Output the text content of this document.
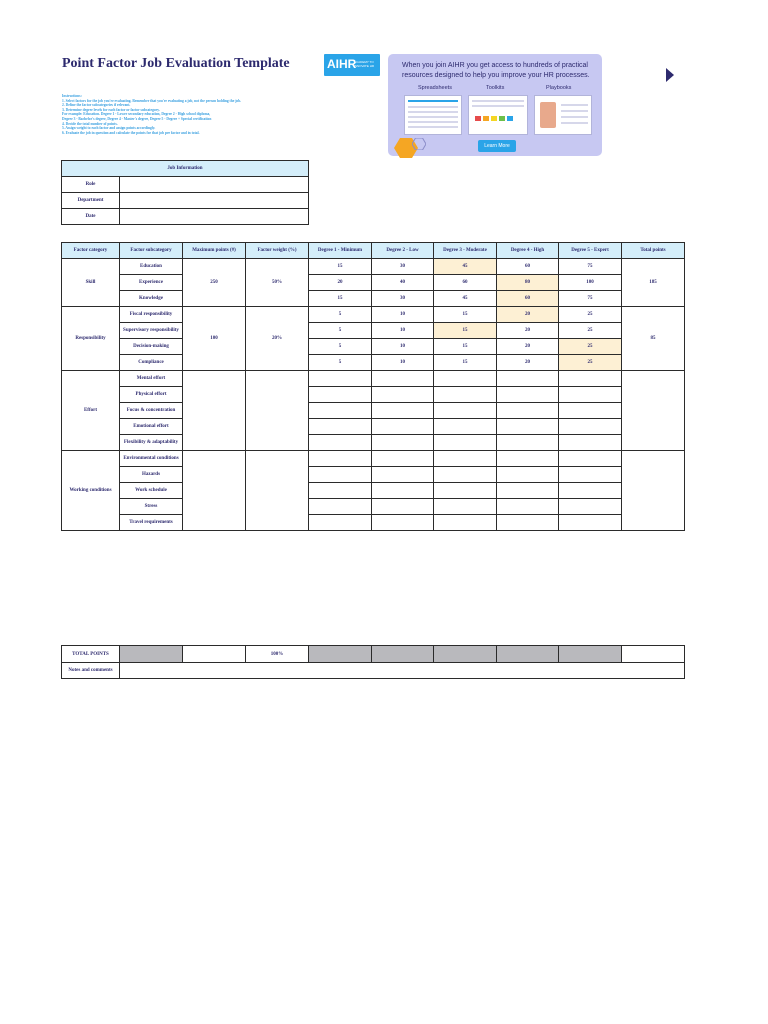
Point Factor Job Evaluation Template
Instructions:
1. Select factors for the job you're evaluating. Remember that you're evaluating a job, not the person holding the job.
2. Define the factor subcategories if relevant.
3. Determine degree levels for each factor or factor subcategory.
For example: Education. Degree 1 - Lower secondary education, Degree 2 - High school diploma,
Degree 3 - Bachelor's degree, Degree 4 - Master's degree, Degree 5 - Degree + Special certification
4. Decide the total number of points.
5. Assign weight to each factor and assign points accordingly.
6. Evaluate the job in question and calculate the points for that job per factor and in total.
AIHR
ACADEMY TO INNOVATE HR	When you join AIHR you get access to hundreds of practical resources designed to help you improve your HR processes.
Spreadsheets	Toolkits	Playbooks
Learn More
Job Information	
Role	
Department	
Date	
Factor category	Factor subcategory	Maximum points (#)	Factor weight (%)	Degree 1 - Minimum	Degree 2 - Low	Degree 3 - Moderate	Degree 4 - High	Degree 5 - Expert	Total points
Skill	Education	250	50%	15	30	45	60	75	185
	Experience			20	40	60	80	100	
	Knowledge			15	30	45	60	75	
Responsibility	Fiscal responsibility	100	20%	5	10	15	20	25	85
	Supervisory responsibility			5	10	15	20	25	
	Decision-making			5	10	15	20	25	
	Compliance			5	10	15	20	25	
Effort	Mental effort								
	Physical effort								
	Focus & concentration								
	Emotional effort								
	Flexibility & adaptability								
Working conditions	Environmental conditions								
	Hazards								
	Work schedule								
	Stress								
	Travel requirements								
TOTAL POINTS			100%						
Notes and comments									
